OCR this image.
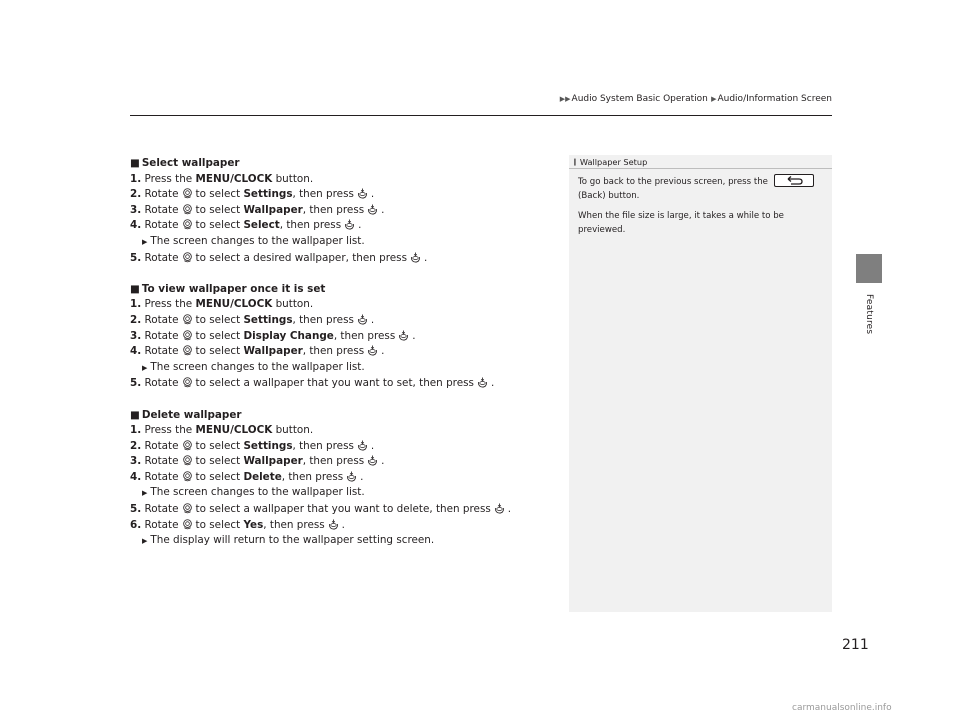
▶▶ Audio System Basic Operation ▶ Audio/Information Screen
Features
■ Select wallpaper
1. Press the MENU/CLOCK button.
2. Rotate to select Settings, then press .
3. Rotate to select Wallpaper, then press .
4. Rotate to select Select, then press .
▶ The screen changes to the wallpaper list.
5. Rotate to select a desired wallpaper, then press .
■ To view wallpaper once it is set
1. Press the MENU/CLOCK button.
2. Rotate to select Settings, then press .
3. Rotate to select Display Change, then press .
4. Rotate to select Wallpaper, then press .
▶ The screen changes to the wallpaper list.
5. Rotate to select a wallpaper that you want to set, then press .
■ Delete wallpaper
1. Press the MENU/CLOCK button.
2. Rotate to select Settings, then press .
3. Rotate to select Wallpaper, then press .
4. Rotate to select Delete, then press .
▶ The screen changes to the wallpaper list.
5. Rotate to select a wallpaper that you want to delete, then press .
6. Rotate to select Yes, then press .
▶ The display will return to the wallpaper setting screen.
❙ Wallpaper Setup

To go back to the previous screen, press the
(Back) button.

When the file size is large, it takes a while to be previewed.

211
carmanualsonline.info
